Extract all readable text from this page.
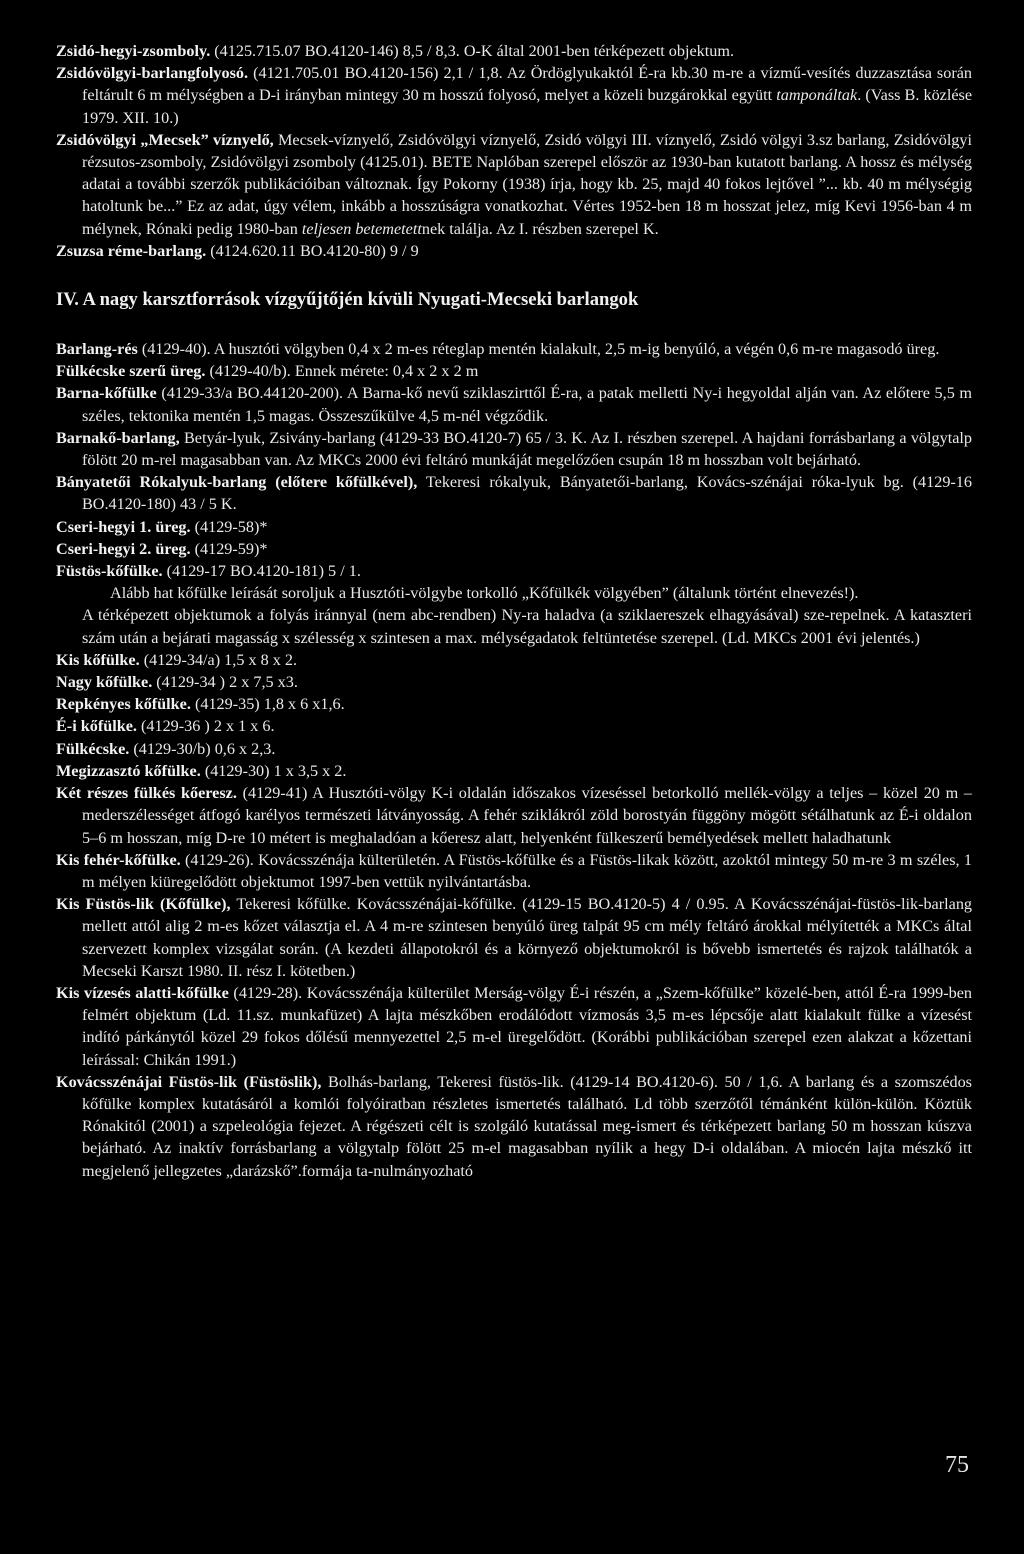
Zsidó-hegyi-zsomboly. (4125.715.07 BO.4120-146) 8,5 / 8,3. O-K által 2001-ben térképezett objektum.

Zsidóvölgyi-barlangfolyosó. (4121.705.01 BO.4120-156) 2,1 / 1,8. Az Ördöglyukaktól É-ra kb.30 m-re a vízmű-vesítés duzzasztása során feltárult 6 m mélységben a D-i irányban mintegy 30 m hosszú folyosó, melyet a közeli buzgárokkal együtt tamponáltak. (Vass B. közlése 1979. XII. 10.)

Zsidóvölgyi „Mecsek” víznyelő, Mecsek-víznyelő, Zsidóvölgyi víznyelő, Zsidó völgyi III. víznyelő, Zsidó völgyi 3.sz barlang, Zsidóvölgyi rézsutos-zsomboly, Zsidóvölgyi zsomboly (4125.01). BETE Naplóban szerepel először az 1930-ban kutatott barlang. A hossz és mélység adatai a további szerzők publikációiban változnak. Így Pokorny (1938) írja, hogy kb. 25, majd 40 fokos lejtővel ”... kb. 40 m mélységig hatoltunk be...” Ez az adat, úgy vélem, inkább a hosszúságra vonatkozhat. Vértes 1952-ben 18 m hosszat jelez, míg Kevi 1956-ban 4 m mélynek, Rónaki pedig 1980-ban teljesen betemetettnek találja. Az I. részben szerepel K.

Zsuzsa réme-barlang. (4124.620.11 BO.4120-80) 9 / 9

IV. A nagy karsztforrások vízgyűjtőjén kívüli Nyugati-Mecseki barlangok

Barlang-rés (4129-40). A husztóti völgyben 0,4 x 2 m-es réteglap mentén kialakult, 2,5 m-ig benyúló, a végén 0,6 m-re magasodó üreg.

Fülkécske szerű üreg. (4129-40/b). Ennek mérete: 0,4 x 2 x 2 m

Barna-kőfülke (4129-33/a BO.44120-200). A Barna-kő nevű sziklaszirttől É-ra, a patak melletti Ny-i hegyoldal alján van. Az előtere 5,5 m széles, tektonika mentén 1,5 magas. Összeszűkülve 4,5 m-nél végződik.

Barnakő-barlang, Betyár-lyuk, Zsivány-barlang (4129-33 BO.4120-7) 65 / 3. K. Az I. részben szerepel. A hajdani forrásbarlang a völgytalp fölött 20 m-rel magasabban van. Az MKCs 2000 évi feltáró munkáját megelőzően csupán 18 m hosszban volt bejárható.

Bányatetői Rókalyuk-barlang (előtere kőfülkével), Tekeresi rókalyuk, Bányatetői-barlang, Kovács-szénájai róka-lyuk bg. (4129-16 BO.4120-180) 43 / 5 K.

Cseri-hegyi 1. üreg. (4129-58)*

Cseri-hegyi 2. üreg. (4129-59)*

Füstös-kőfülke. (4129-17 BO.4120-181) 5 / 1.

Alább hat kőfülke leírását soroljuk a Husztóti-völgybe torkolló „Kőfülkék völgyében” (általunk történt elnevezés!).

A térképezett objektumok a folyás iránnyal (nem abc-rendben) Ny-ra haladva (a sziklaereszek elhagyásával) sze-repelnek. A kataszteri szám után a bejárati magasság x szélesség x szintesen a max. mélységadatok feltüntetése szerepel. (Ld. MKCs 2001 évi jelentés.)

Kis kőfülke. (4129-34/a) 1,5 x 8 x 2.

Nagy kőfülke. (4129-34 ) 2 x 7,5 x3.

Repkényes kőfülke. (4129-35) 1,8 x 6 x1,6.

É-i kőfülke. (4129-36 ) 2 x 1 x 6.

Fülkécske. (4129-30/b) 0,6 x 2,3.

Megizzasztó kőfülke. (4129-30) 1 x 3,5 x 2.

Két részes fülkés kőeresz. (4129-41) A Husztóti-völgy K-i oldalán időszakos vízeséssel betorkolló mellék-völgy a teljes – közel 20 m – mederszélességet átfogó karélyos természeti látványosság. A fehér sziklákról zöld borostyán függöny mögött sétálhatunk az É-i oldalon 5–6 m hosszan, míg D-re 10 métert is meghaladóan a kőeresz alatt, helyenként fülkeszerű bemélyedések mellett haladhatunk

Kis fehér-kőfülke. (4129-26). Kovácsszénája külterületén. A Füstös-kőfülke és a Füstös-likak között, azoktól mintegy 50 m-re 3 m széles, 1 m mélyen kiüregelődött objektumot 1997-ben vettük nyilvántartásba.

Kis Füstös-lik (Kőfülke), Tekeresi kőfülke. Kovácsszénájai-kőfülke. (4129-15 BO.4120-5) 4 / 0.95. A Kovácsszénájai-füstös-lik-barlang mellett attól alig 2 m-es kőzet választja el. A 4 m-re szintesen benyúló üreg talpát 95 cm mély feltáró árokkal mélyítették a MKCs által szervezett komplex vizsgálat során. (A kezdeti állapotokról és a környező objektumokról is bővebb ismertetés és rajzok találhatók a Mecseki Karszt 1980. II. rész I. kötetben.)

Kis vízesés alatti-kőfülke (4129-28). Kovácsszénája külterület Merság-völgy É-i részén, a „Szem-kőfülke” közelé-ben, attól É-ra 1999-ben felmért objektum (Ld. 11.sz. munkafüzet) A lajta mészkőben erodálódott vízmosás 3,5 m-es lépcsője alatt kialakult fülke a vízesést indító párkánytól közel 29 fokos dőlésű mennyezettel 2,5 m-el üregelődött. (Korábbi publikációban szerepel ezen alakzat a kőzettani leírással: Chikán 1991.)

Kovácsszénájai Füstös-lik (Füstöslik), Bolhás-barlang, Tekeresi füstös-lik. (4129-14 BO.4120-6). 50 / 1,6. A barlang és a szomszédos kőfülke komplex kutatásáról a komlói folyóiratban részletes ismertetés található. Ld több szerzőtől témánként külön-külön. Köztük Rónakitól (2001) a szpeleológia fejezet. A régészeti célt is szolgáló kutatással meg-ismert és térképezett barlang 50 m hosszan kúszva bejárható. Az inaktív forrásbarlang a völgytalp fölött 25 m-el magasabban nyílik a hegy D-i oldalában. A miocén lajta mészkő itt megjelenő jellegzetes „darázskő”.formája ta-nulmányozható

75
